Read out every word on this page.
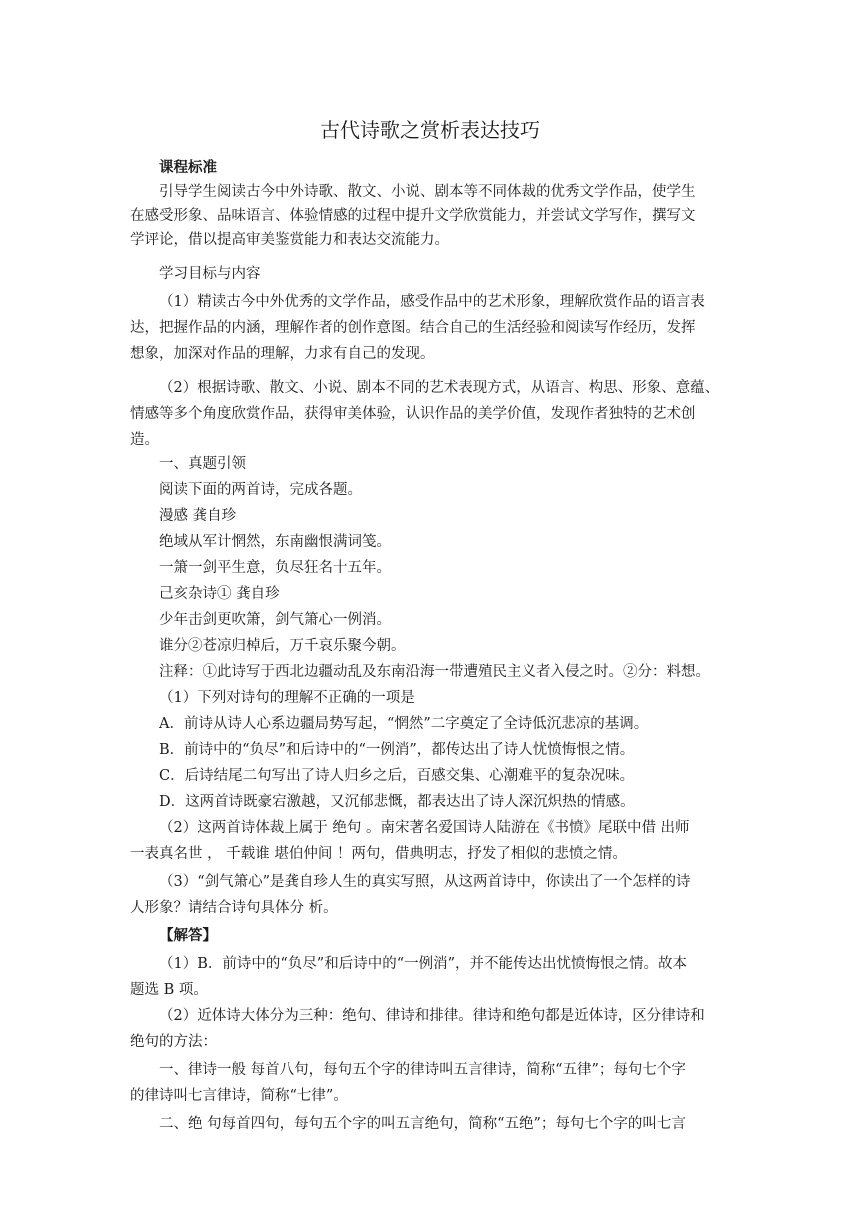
古代诗歌之赏析表达技巧
课程标准
引导学生阅读古今中外诗歌、散文、小说、剧本等不同体裁的优秀文学作品，使学生
在感受形象、品味语言、体验情感的过程中提升文学欣赏能力，并尝试文学写作，撰写文
学评论，借以提高审美鉴赏能力和表达交流能力。
学习目标与内容
（1）精读古今中外优秀的文学作品，感受作品中的艺术形象，理解欣赏作品的语言表
达，把握作品的内涵，理解作者的创作意图。结合自己的生活经验和阅读写作经历，发挥
想象，加深对作品的理解，力求有自己的发现。
（2）根据诗歌、散文、小说、剧本不同的艺术表现方式，从语言、构思、形象、意蕴、
情感等多个角度欣赏作品，获得审美体验，认识作品的美学价值，发现作者独特的艺术创
造。
一、真题引领
阅读下面的两首诗，完成各题。
漫感 龚自珍
绝域从军计惘然，东南幽恨满词笺。
一箫一剑平生意，负尽狂名十五年。
己亥杂诗① 龚自珍
少年击剑更吹箫，剑气箫心一例消。
谁分②苍凉归棹后，万千哀乐聚今朝。
注释：①此诗写于西北边疆动乱及东南沿海一带遭殖民主义者入侵之时。②分：料想。
（1）下列对诗句的理解不正确的一项是
A．前诗从诗人心系边疆局势写起，“惘然”二字奠定了全诗低沉悲凉的基调。
B．前诗中的“负尽”和后诗中的“一例消”，都传达出了诗人忧愤悔恨之情。
C．后诗结尾二句写出了诗人归乡之后，百感交集、心潮难平的复杂况味。
D．这两首诗既豪宕激越，又沉郁悲慨，都表达出了诗人深沉炽热的情感。
（2）这两首诗体裁上属于 绝句 。南宋著名爱国诗人陆游在《书愤》尾联中借 出师
一表真名世 ， 千载谁 堪伯仲间 ！两句，借典明志，抒发了相似的悲愤之情。
（3）“剑气箫心”是龚自珍人生的真实写照，从这两首诗中，你读出了一个怎样的诗
人形象？请结合诗句具体分 析。
【解答】
（1）B．前诗中的“负尽”和后诗中的“一例消”，并不能传达出忧愤悔恨之情。故本
题选 B 项。
（2）近体诗大体分为三种：绝句、律诗和排律。律诗和绝句都是近体诗，区分律诗和
绝句的方法：
一、律诗一般 每首八句，每句五个字的律诗叫五言律诗，简称“五律”；每句七个字
的律诗叫七言律诗，简称“七律”。
二、绝 句每首四句，每句五个字的叫五言绝句，简称“五绝”；每句七个字的叫七言
